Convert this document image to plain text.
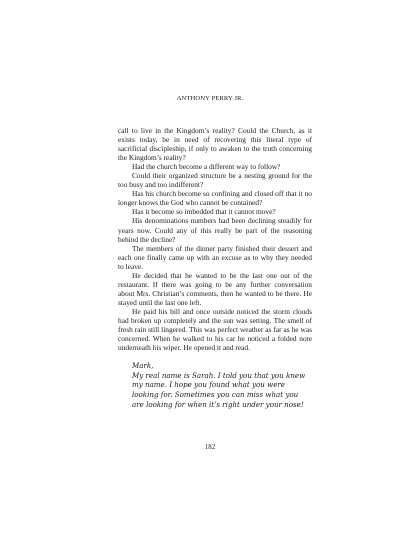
ANTHONY PERRY JR.

call to live in the Kingdom’s reality? Could the Church, as it exists today, be in need of recovering this literal type of sacrificial discipleship, if only to awaken to the truth concerning the Kingdom’s reality?

Had the church become a different way to follow?

Could their organized structure be a nesting ground for the too busy and too indifferent?

Has his church become so confining and closed off that it no longer knows the God who cannot be contained?

Has it become so imbedded that it cannot move?

His denominations numbers had been declining steadily for years now. Could any of this really be part of the reasoning behind the decline?

The members of the dinner party finished their dessert and each one finally came up with an excuse as to why they needed to leave.

He decided that he wanted to be the last one out of the restaurant. If there was going to be any further conversation about Mrs. Christian’s comments, then he wanted to be there. He stayed until the last one left.

He paid his bill and once outside noticed the storm clouds had broken up completely and the sun was setting. The smell of fresh rain still lingered. This was perfect weather as far as he was concerned. When he walked to his car he noticed a folded note underneath his wiper. He opened it and read.

Mark,

My real name is Sarah. I told you that you knew my name. I hope you found what you were looking for. Sometimes you can miss what you are looking for when it’s right under your nose!

182
